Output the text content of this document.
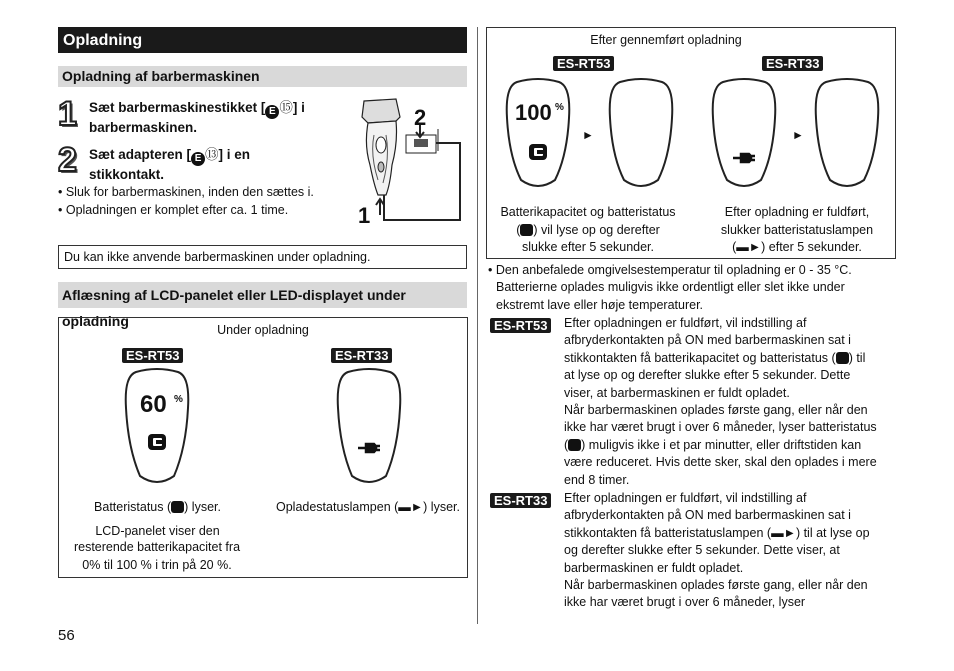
Opladning
Opladning af barbermaskinen
1 Sæt barbermaskinestikket [ E ⑮] i
barbermaskinen.
2 Sæt adapteren [ E ⑬] i en
stikkontakt.
• Sluk for barbermaskinen, inden den sættes i.
• Opladningen er komplet efter ca. 1 time.	1
2
Du kan ikke anvende barbermaskinen under opladning.
Aflæsning af LCD-panelet eller LED-displayet under opladning
Under opladning
ES-RT53	ES-RT33
60 %
Batteristatus ( ) lyser.

LCD-panelet viser den
resterende batterikapacitet fra
0% til 100 % i trin på 20 %.
Opladestatuslampen (▬►) lyser.
56
Efter gennemført opladning
ES-RT53	ES-RT33
100 %
►	►
Batterikapacitet og batteristatus
( ) vil lyse op og derefter
slukke efter 5 sekunder.
Efter opladning er fuldført,
slukker batteristatuslampen
(▬►) efter 5 sekunder.
• Den anbefalede omgivelsestemperatur til opladning er 0 - 35 °C.
Batterierne oplades muligvis ikke ordentligt eller slet ikke under
ekstremt lave eller høje temperaturer.
ES-RT53	Efter opladningen er fuldført, vil indstilling af
afbryderkontakten på ON med barbermaskinen sat i
stikkontakten få batterikapacitet og batteristatus ( ) til
at lyse op og derefter slukke efter 5 sekunder. Dette
viser, at barbermaskinen er fuldt opladet.
Når barbermaskinen oplades første gang, eller når den
ikke har været brugt i over 6 måneder, lyser batteristatus
( ) muligvis ikke i et par minutter, eller driftstiden kan
være reduceret. Hvis dette sker, skal den oplades i mere
end 8 timer.
ES-RT33	Efter opladningen er fuldført, vil indstilling af
afbryderkontakten på ON med barbermaskinen sat i
stikkontakten få batteristatuslampen (▬►) til at lyse op
og derefter slukke efter 5 sekunder. Dette viser, at
barbermaskinen er fuldt opladet.
Når barbermaskinen oplades første gang, eller når den
ikke har været brugt i over 6 måneder, lyser
